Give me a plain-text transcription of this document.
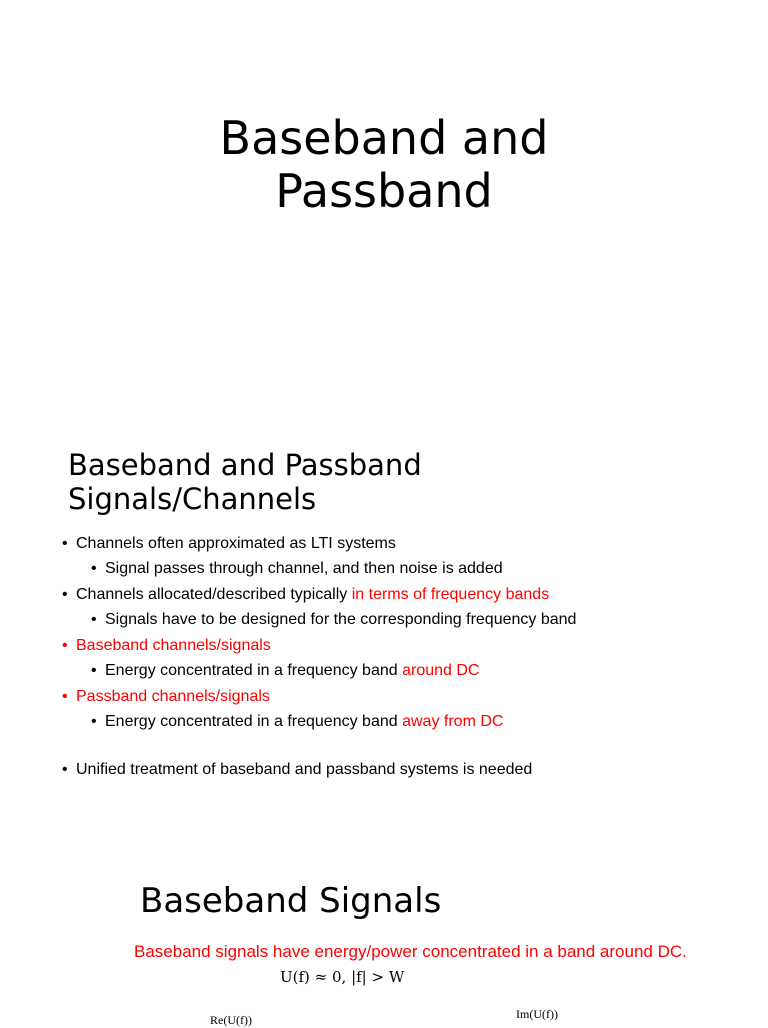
Baseband and
Passband
Baseband and Passband
Signals/Channels
• Channels often approximated as LTI systems
• Signal passes through channel, and then noise is added
• Channels allocated/described typically in terms of frequency bands
• Signals have to be designed for the corresponding frequency band
• Baseband channels/signals
• Energy concentrated in a frequency band around DC
• Passband channels/signals
• Energy concentrated in a frequency band away from DC
• Unified treatment of baseband and passband systems is needed
Baseband Signals
Baseband signals have energy/power concentrated in a band around DC.
U(f) ≈ 0, |f| > W
Re(U(f))	Im(U(f))
